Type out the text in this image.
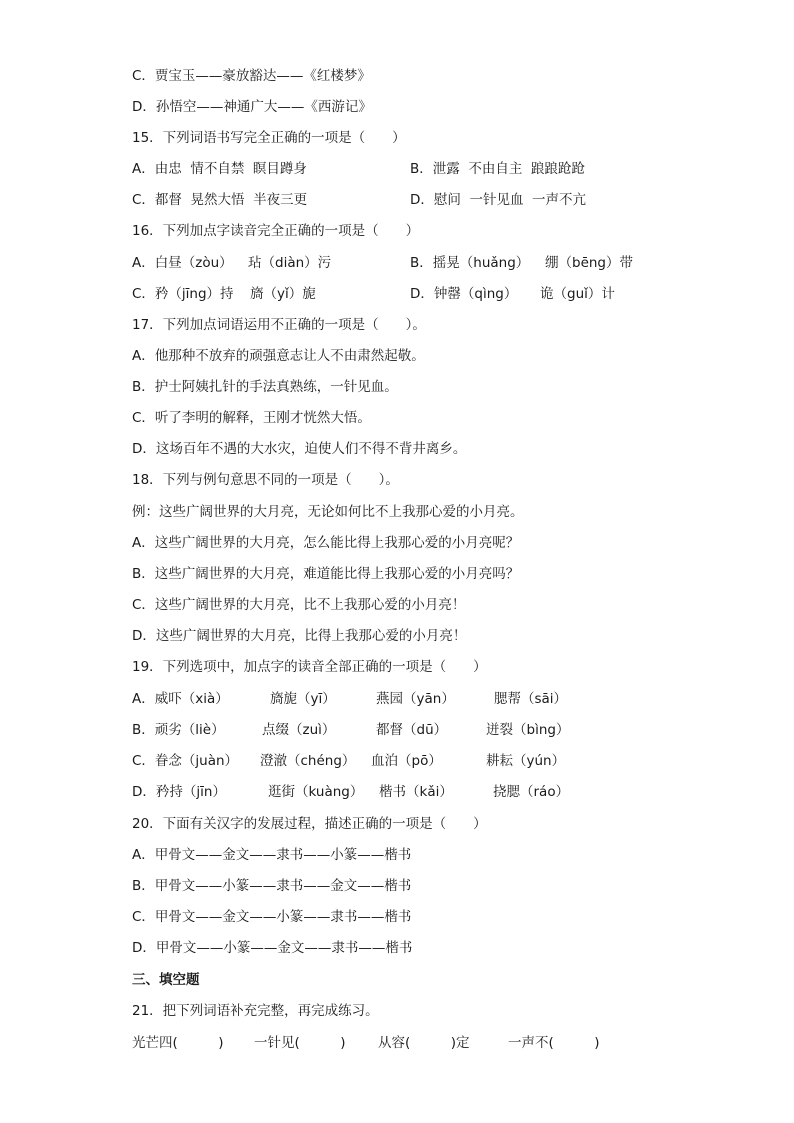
C．贾宝玉——豪放豁达——《红楼梦》
D．孙悟空——神通广大——《西游记》
15．下列词语书写完全正确的一项是（　　）
A．由忠  情不自禁  瞑目蹲身	B．泄露  不由自主  踉踉跄跄
C．都督  晃然大悟  半夜三更	D．慰问  一针见血  一声不亢
16．下列加点字读音完全正确的一项是（　　）
A．白昼（zòu） 玷（diàn）污	B．摇晃（huǎng） 绷（bēng）带
C．矜（jīng）持 旖（yǐ）旎	D．钟罄（qìng） 诡（guǐ）计
17．下列加点词语运用不正确的一项是（　　）。
A．他那种不放弃的顽强意志让人不由肃然起敬。
B．护士阿姨扎针的手法真熟练，一针见血。
C．听了李明的解释，王刚才恍然大悟。
D．这场百年不遇的大水灾，迫使人们不得不背井离乡。
18．下列与例句意思不同的一项是（　　）。
例：这些广阔世界的大月亮，无论如何比不上我那心爱的小月亮。
A．这些广阔世界的大月亮，怎么能比得上我那心爱的小月亮呢？
B．这些广阔世界的大月亮，难道能比得上我那心爱的小月亮吗？
C．这些广阔世界的大月亮，比不上我那心爱的小月亮！
D．这些广阔世界的大月亮，比得上我那心爱的小月亮！
19．下列选项中，加点字的读音全部正确的一项是（　　）
A．威吓（xià）	旖旎（yī）	燕园（yān）	腮帮（sāi）
B．顽劣（liè）	点缀（zuì）	都督（dū）	迸裂（bìng）
C．眷念（juàn） 澄澈（chéng） 血泊（pō）	耕耘（yún）
D．矜持（jīn）	逛街（kuàng） 楷书（kǎi）	挠腮（ráo）
20．下面有关汉字的发展过程，描述正确的一项是（　　）
A．甲骨文——金文——隶书——小篆——楷书
B．甲骨文——小篆——隶书——金文——楷书
C．甲骨文——金文——小篆——隶书——楷书
D．甲骨文——小篆——金文——隶书——楷书
三、填空题
21．把下列词语补充完整，再完成练习。
光芒四(　　　) 一针见(　　　) 从容(　　　)定	一声不(　　　)
